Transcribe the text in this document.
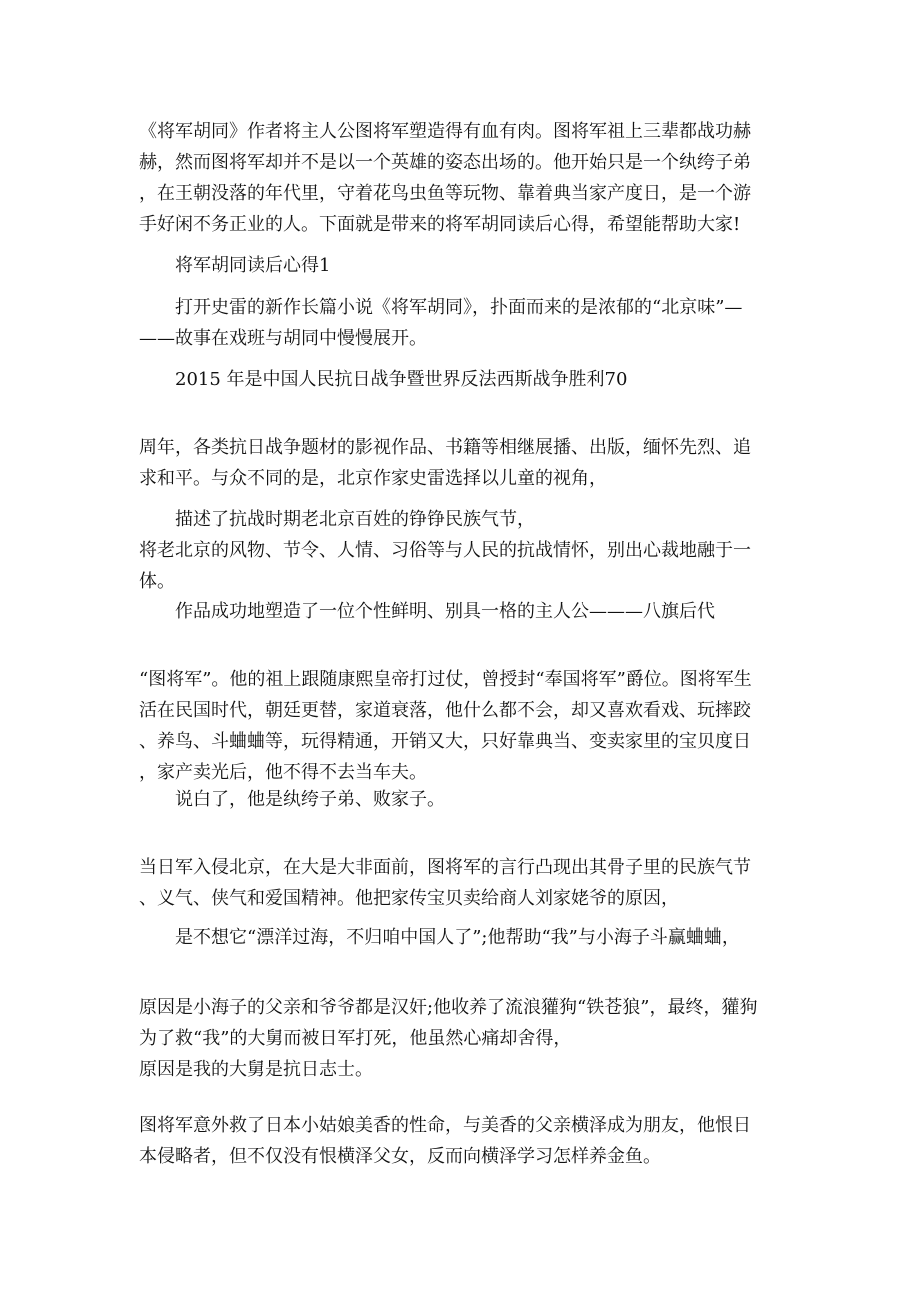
《将军胡同》作者将主人公图将军塑造得有血有肉。图将军祖上三辈都战功赫
赫，然而图将军却并不是以一个英雄的姿态出场的。他开始只是一个纨绔子弟
，在王朝没落的年代里，守着花鸟虫鱼等玩物、靠着典当家产度日，是一个游
手好闲不务正业的人。下面就是带来的将军胡同读后心得，希望能帮助大家!
　　将军胡同读后心得1
　　打开史雷的新作长篇小说《将军胡同》，扑面而来的是浓郁的“北京味”—
——故事在戏班与胡同中慢慢展开。
　　2015 年是中国人民抗日战争暨世界反法西斯战争胜利70
周年，各类抗日战争题材的影视作品、书籍等相继展播、出版，缅怀先烈、追
求和平。与众不同的是，北京作家史雷选择以儿童的视角，
　　描述了抗战时期老北京百姓的铮铮民族气节，
将老北京的风物、节令、人情、习俗等与人民的抗战情怀，别出心裁地融于一
体。
　　作品成功地塑造了一位个性鲜明、别具一格的主人公———八旗后代
“图将军”。他的祖上跟随康熙皇帝打过仗，曾授封“奉国将军”爵位。图将军生
活在民国时代，朝廷更替，家道衰落，他什么都不会，却又喜欢看戏、玩摔跤
、养鸟、斗蛐蛐等，玩得精通，开销又大，只好靠典当、变卖家里的宝贝度日
，家产卖光后，他不得不去当车夫。
　　说白了，他是纨绔子弟、败家子。
当日军入侵北京，在大是大非面前，图将军的言行凸现出其骨子里的民族气节
、义气、侠气和爱国精神。他把家传宝贝卖给商人刘家姥爷的原因，
　　是不想它“漂洋过海，不归咱中国人了”;他帮助“我”与小海子斗赢蛐蛐，
原因是小海子的父亲和爷爷都是汉奸;他收养了流浪獾狗“铁苍狼”，最终，獾狗
为了救“我”的大舅而被日军打死，他虽然心痛却舍得，
原因是我的大舅是抗日志士。
图将军意外救了日本小姑娘美香的性命，与美香的父亲横泽成为朋友，他恨日
本侵略者，但不仅没有恨横泽父女，反而向横泽学习怎样养金鱼。
